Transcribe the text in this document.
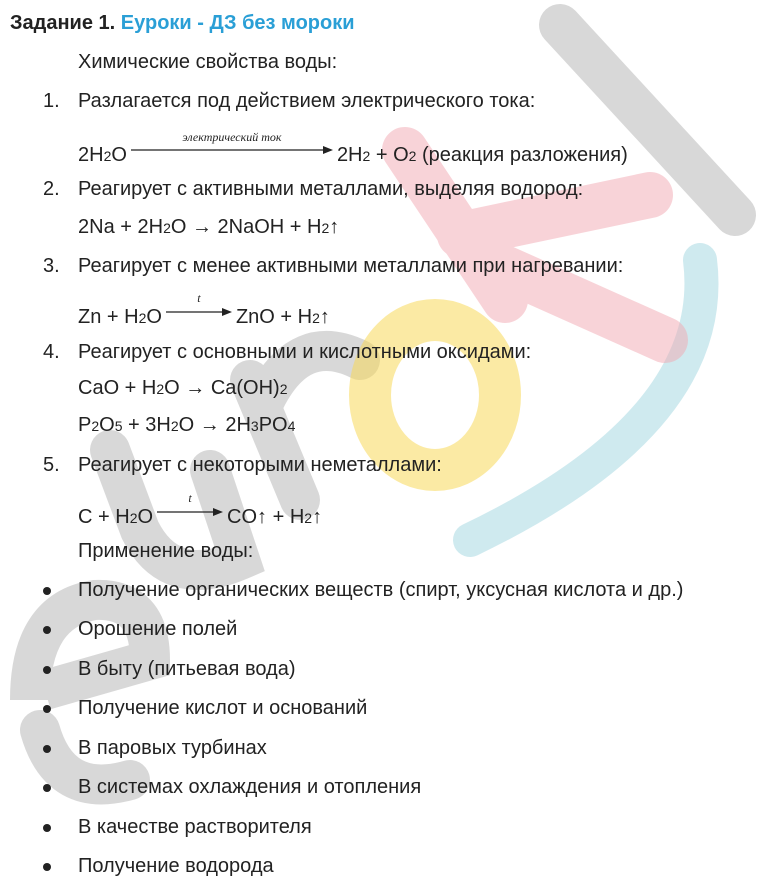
Задание 1. Еуроки - ДЗ без мороки
Химические свойства воды:
1. Разлагается под действием электрического тока:
2H 2 O
электрический ток
2H 2 + O 2 (реакция разложения)
2. Реагирует с активными металлами, выделяя водород:
2Na + 2H 2 O → 2NaOH + H 2 ↑
3. Реагирует с менее активными металлами при нагревании:
Zn + H 2 O
t
ZnO + H 2 ↑
4. Реагирует с основными и кислотными оксидами:
CaO + H 2 O → Ca(OH) 2
P 2 O 5 + 3H 2 O → 2H 3 PO 4
5. Реагирует с некоторыми неметаллами:
C + H 2 O
t
CO↑ + H 2 ↑
Применение воды:
Получение органических веществ (спирт, уксусная кислота и др.)
Орошение полей
В быту (питьевая вода)
Получение кислот и оснований
В паровых турбинах
В системах охлаждения и отопления
В качестве растворителя
Получение водорода
